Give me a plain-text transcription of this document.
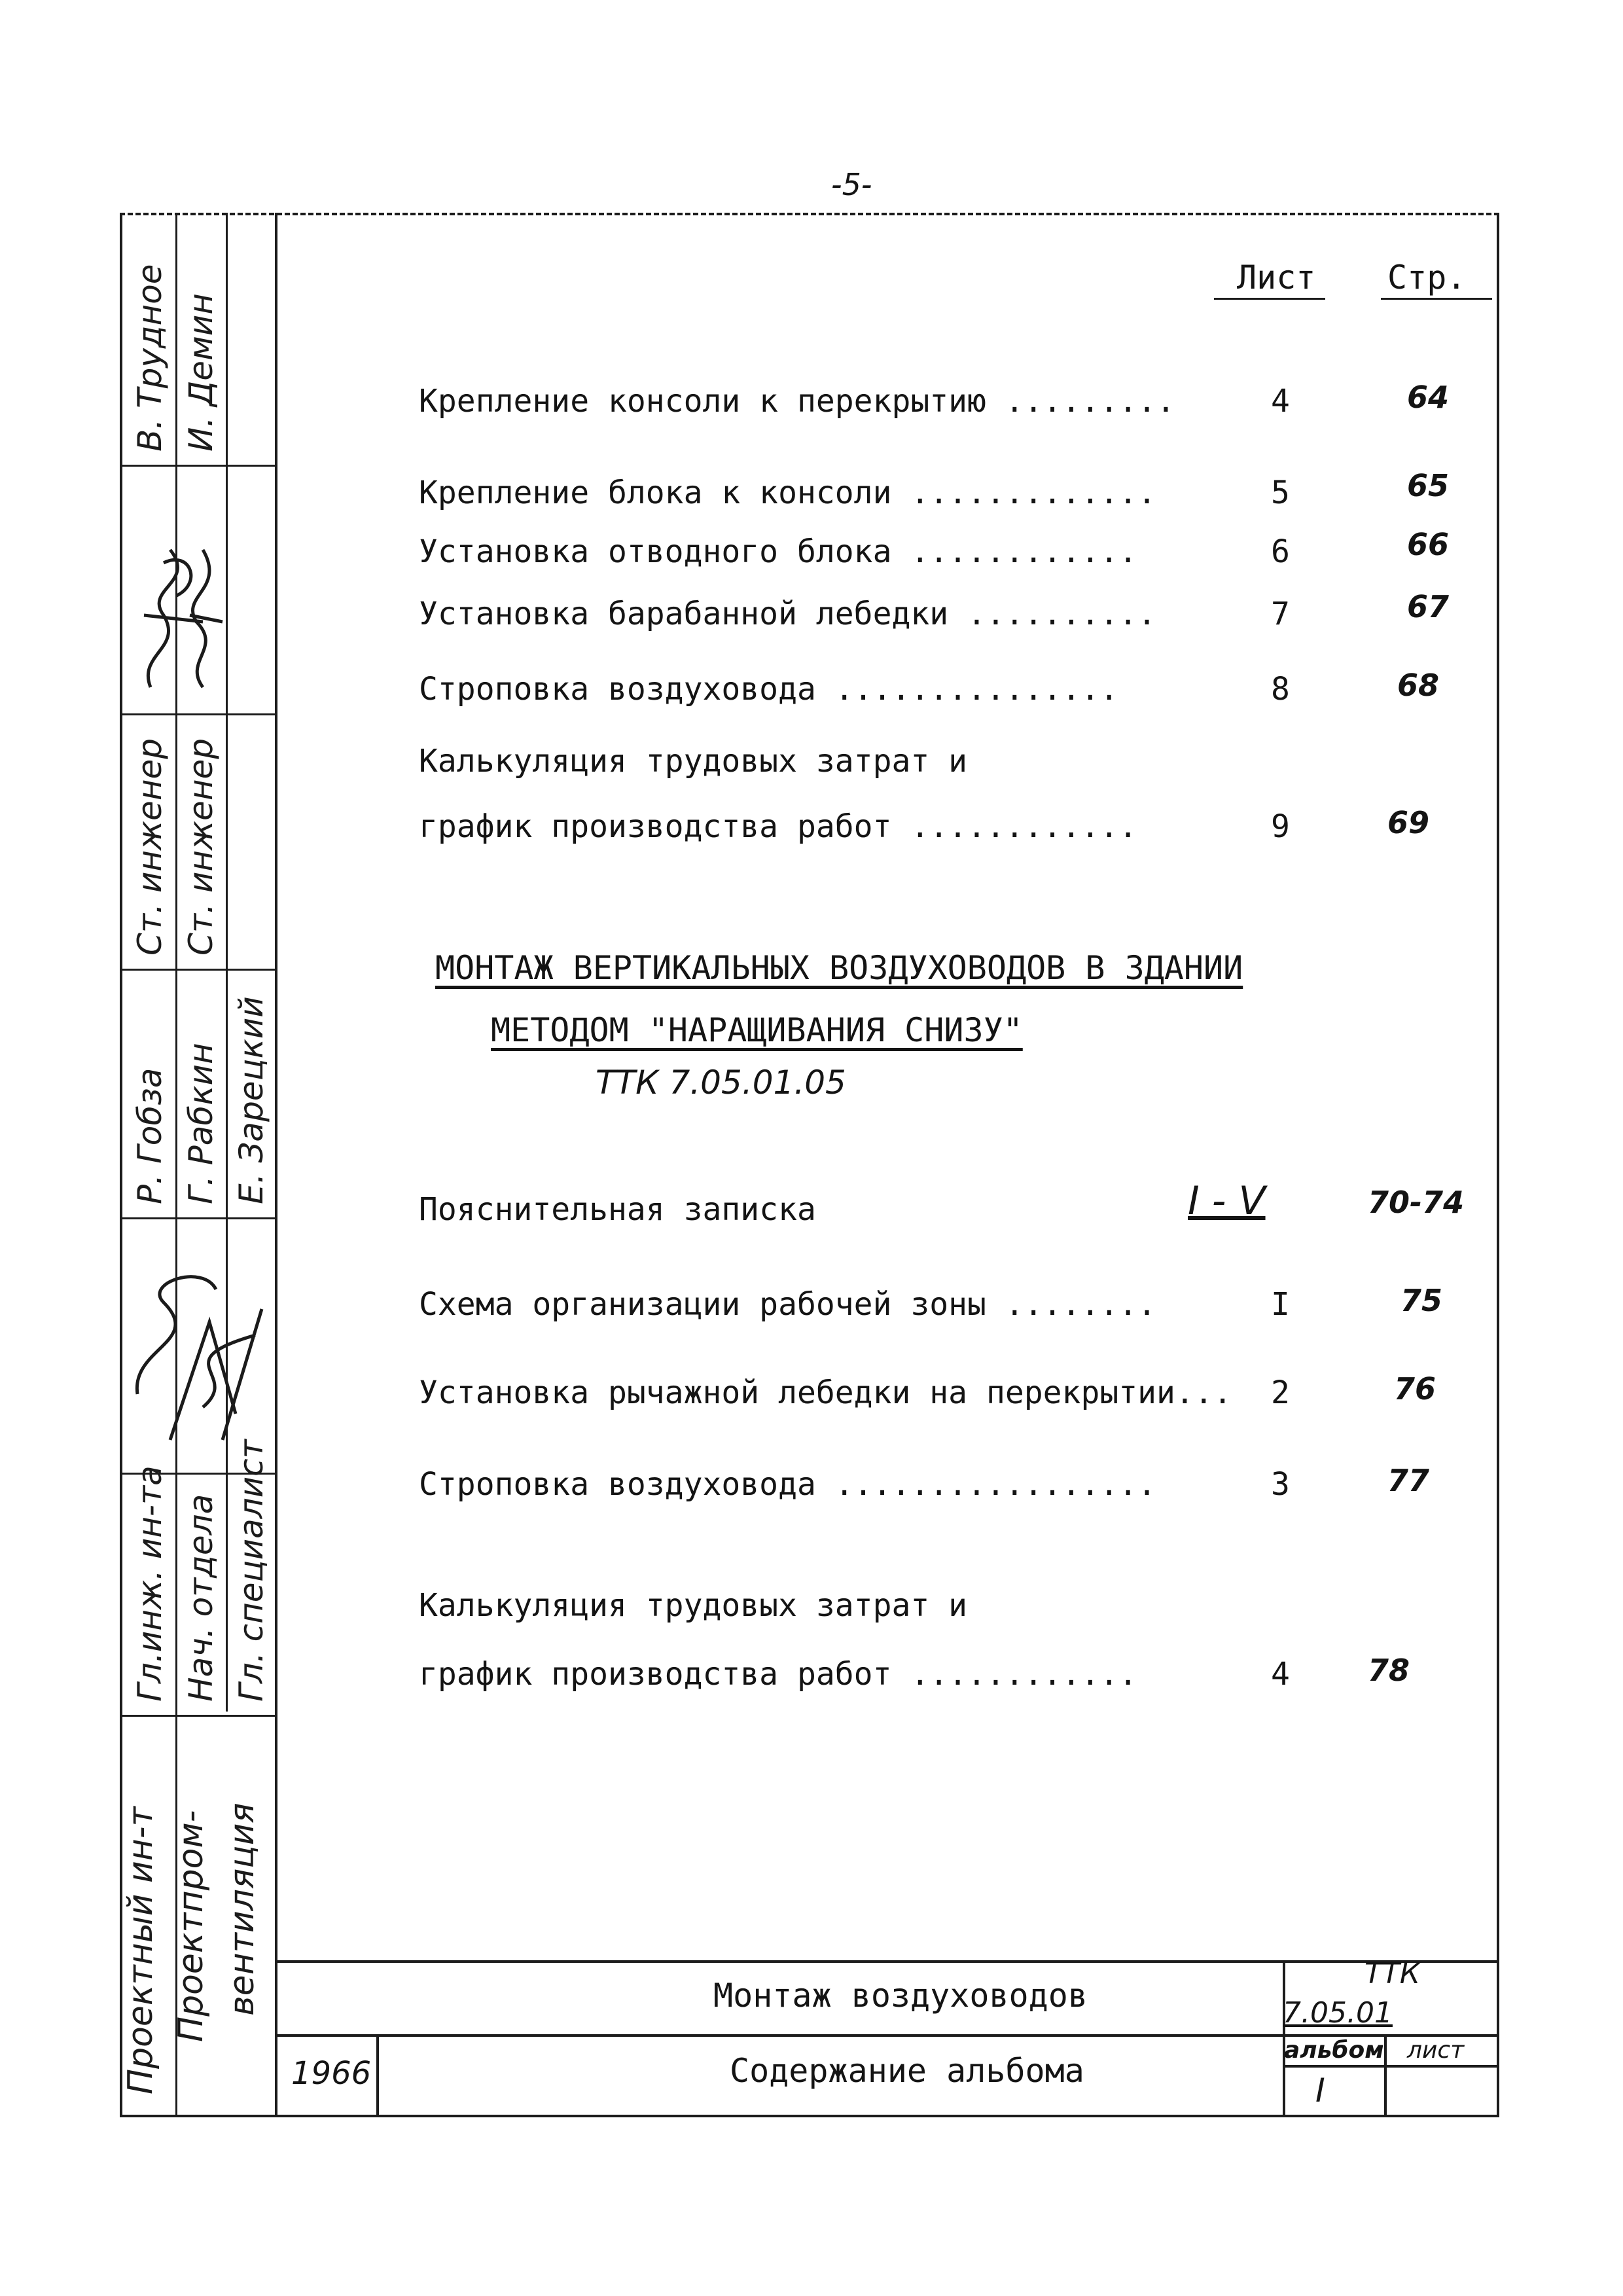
-5-
В. Трудное И. Демин
Р. Гобза Г. Рабкин Е. Зарецкий
Ст. инженер Ст. инженер
Гл.инж. ин-та Нач. отдела Гл. специалист
Проектный ин-т Проектпром- вентиляция
Лист Стр.
Крепление консоли к перекрытию .........	4	64
Крепление блока к консоли .............	5	65
Установка отводного блока ............	6	66
Установка барабанной лебедки ..........	7	67
Строповка воздуховода ...............	8	68
Калькуляция трудовых затрат и
график производства работ ............	9	69
МОНТАЖ ВЕРТИКАЛЬНЫХ ВОЗДУХОВОДОВ В ЗДАНИИ
МЕТОДОМ "НАРАЩИВАНИЯ СНИЗУ"
ТТК 7.05.01.05
Пояснительная записка	I - V	70-74
Схема организации рабочей зоны ........	I	75
Установка рычажной лебедки на перекрытии... 2	76
Строповка воздуховода .................	3	77
Калькуляция трудовых затрат и
график производства работ ............	4	78
Монтаж воздуховодов
Содержание альбома
1966
ТТК
7.05.01
альбом лист
I
